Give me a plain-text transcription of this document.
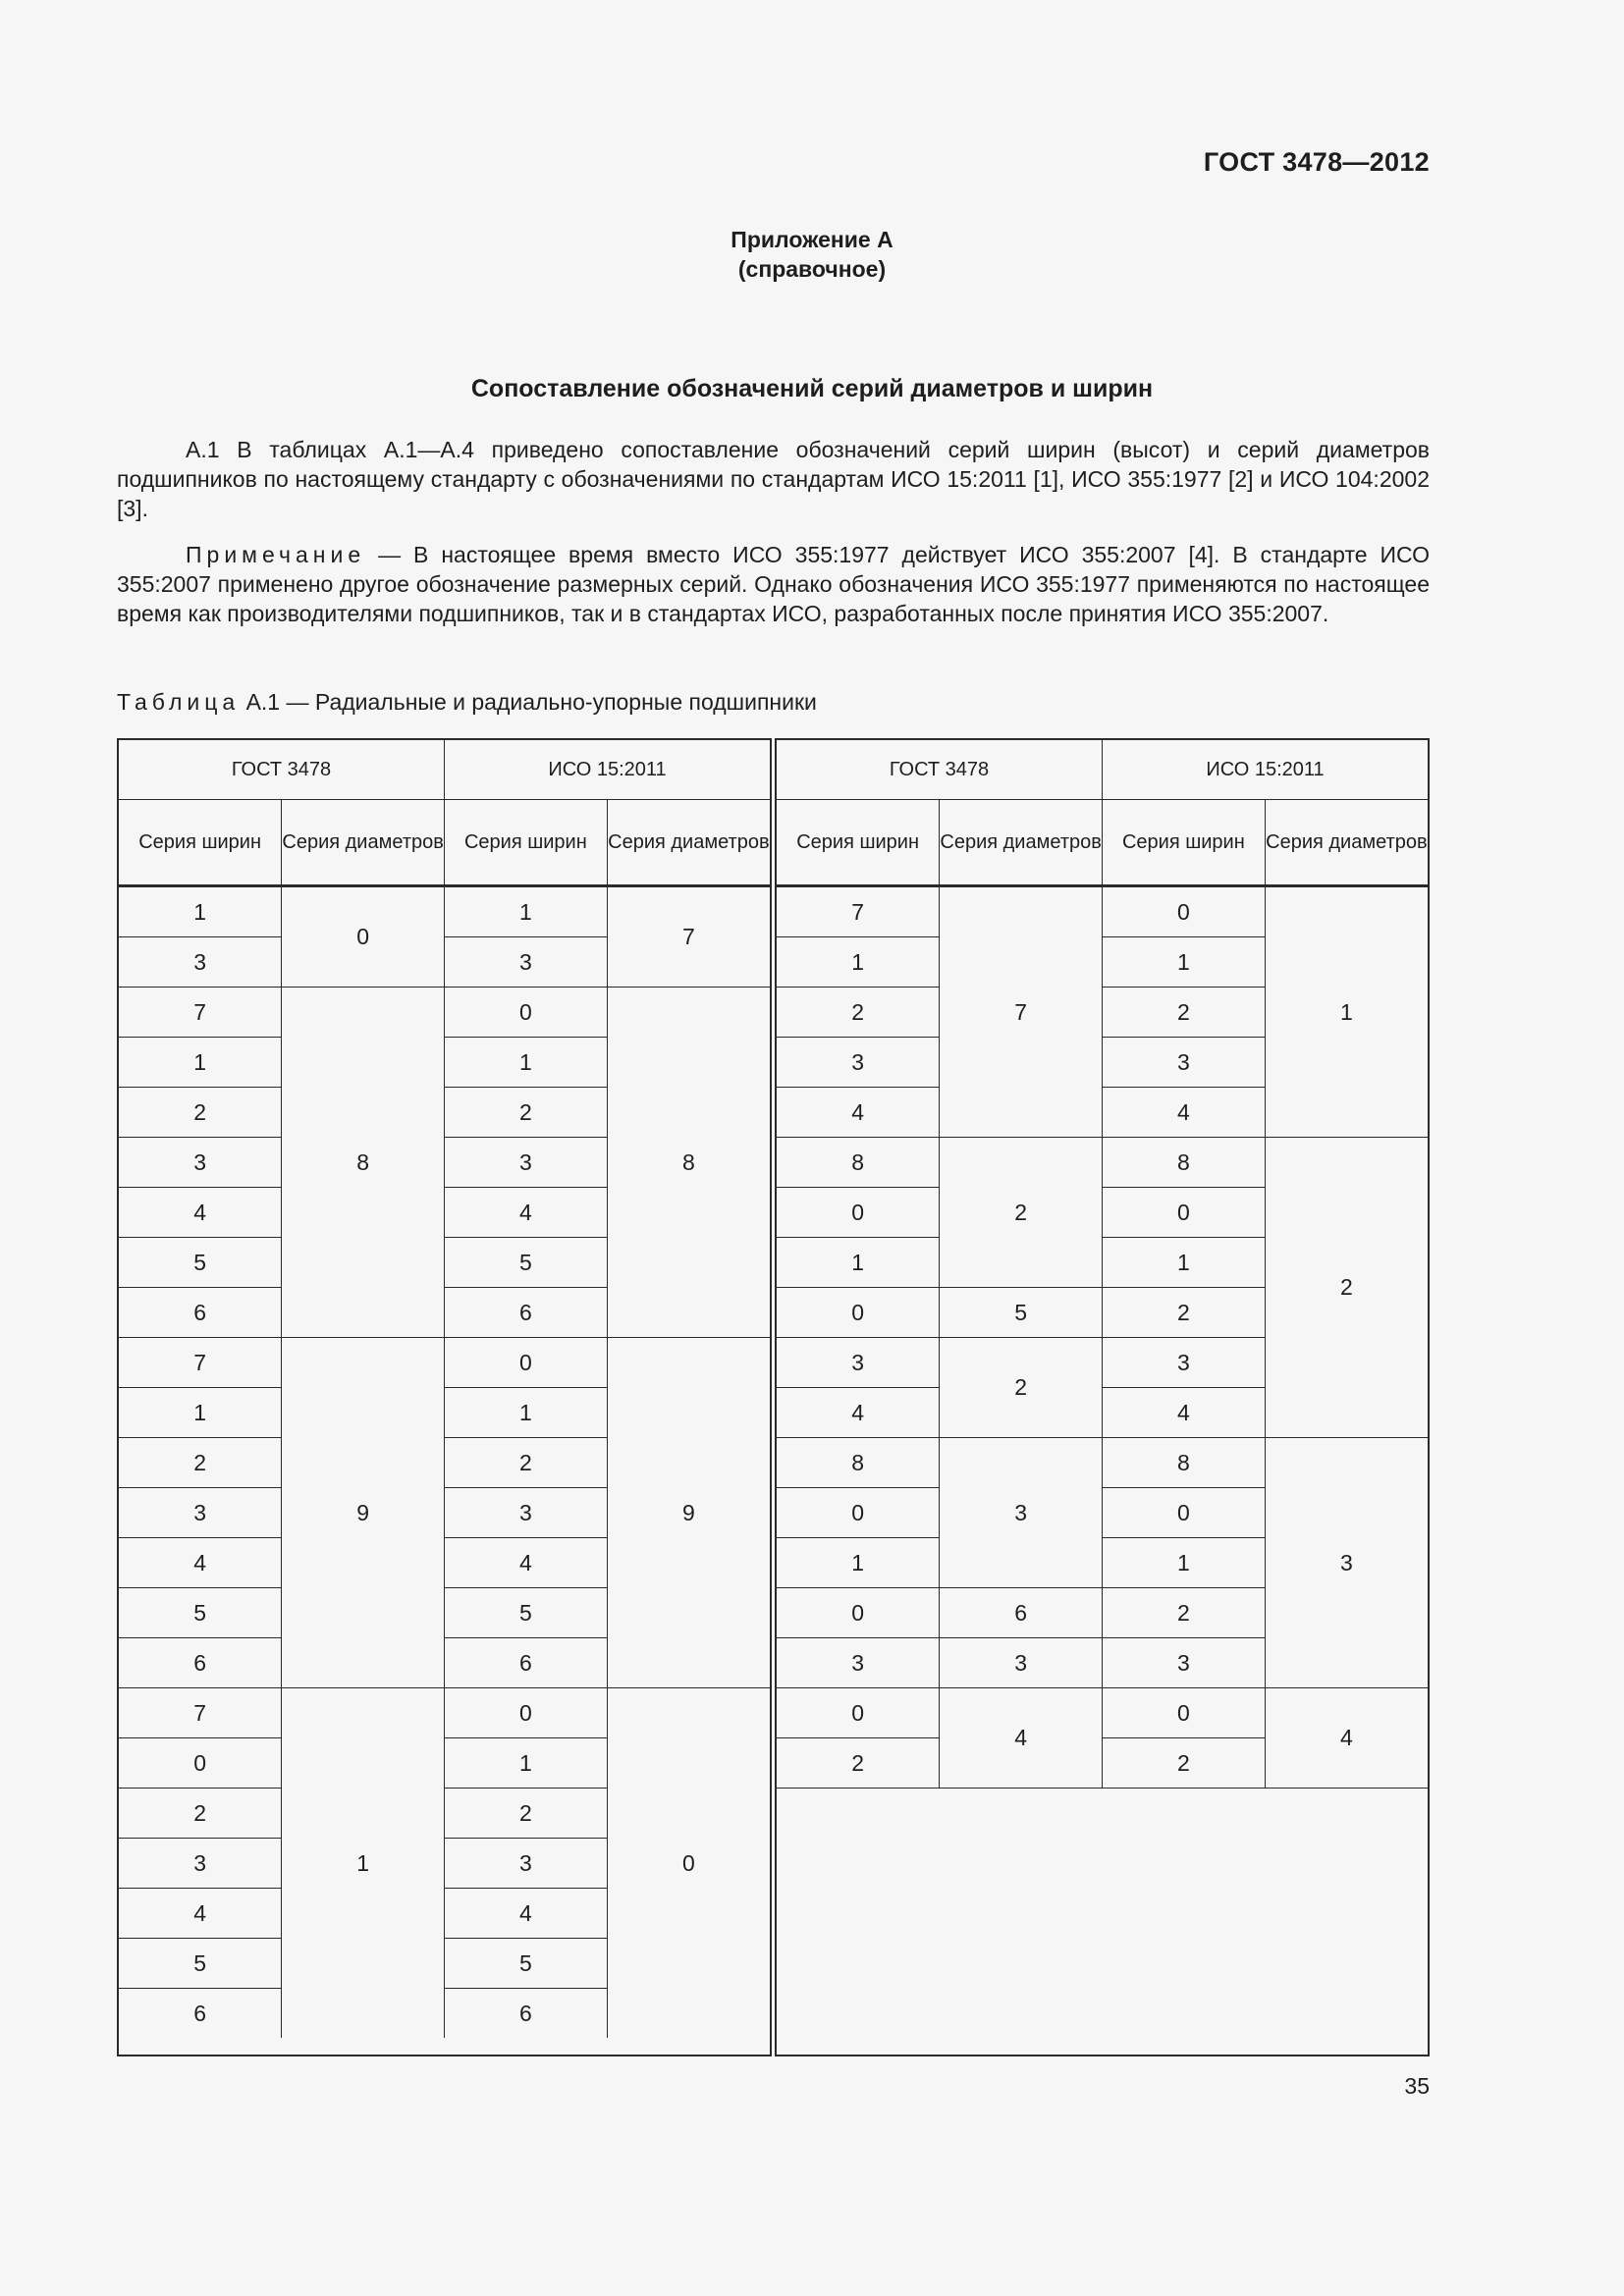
ГОСТ 3478—2012
Приложение А
(справочное)
Сопоставление обозначений серий диаметров и ширин

А.1 В таблицах А.1—А.4 приведено сопоставление обозначений серий ширин (высот) и серий диаметров подшипников по настоящему стандарту с обозначениями по стандартам ИСО 15:2011 [1], ИСО 355:1977 [2] и ИСО 104:2002 [3].

Примечание — В настоящее время вместо ИСО 355:1977 действует ИСО 355:2007 [4]. В стандарте ИСО 355:2007 применено другое обозначение размерных серий. Однако обозначения ИСО 355:1977 применяются по настоящее время как производителями подшипников, так и в стандартах ИСО, разработанных после принятия ИСО 355:2007.

Таблица А.1 — Радиальные и радиально-упорные подшипники
ГОСТ 3478		ИСО 15:2011	
Серия ширин	Серия диаметров	Серия ширин	Серия диаметров
1	0	1	7
3		3	
7	8	0	8
1		1	
2		2	
3		3	
4		4	
5		5	
6		6	
7	9	0	9
1		1	
2		2	
3		3	
4		4	
5		5	
6		6	
7	1	0	0
0		1	
2		2	
3		3	
4		4	
5		5	
6		6	
ГОСТ 3478		ИСО 15:2011	
Серия ширин	Серия диаметров	Серия ширин	Серия диаметров
7	7	0	1
1		1	
2		2	
3		3	
4		4	
8	2	8	2
0		0	
1		1	
0	5	2	
3	2	3	
4		4	
8	3	8	3
0		0	
1		1	
0	6	2	
3	3	3	
0	4	0	4
2		2	
35
